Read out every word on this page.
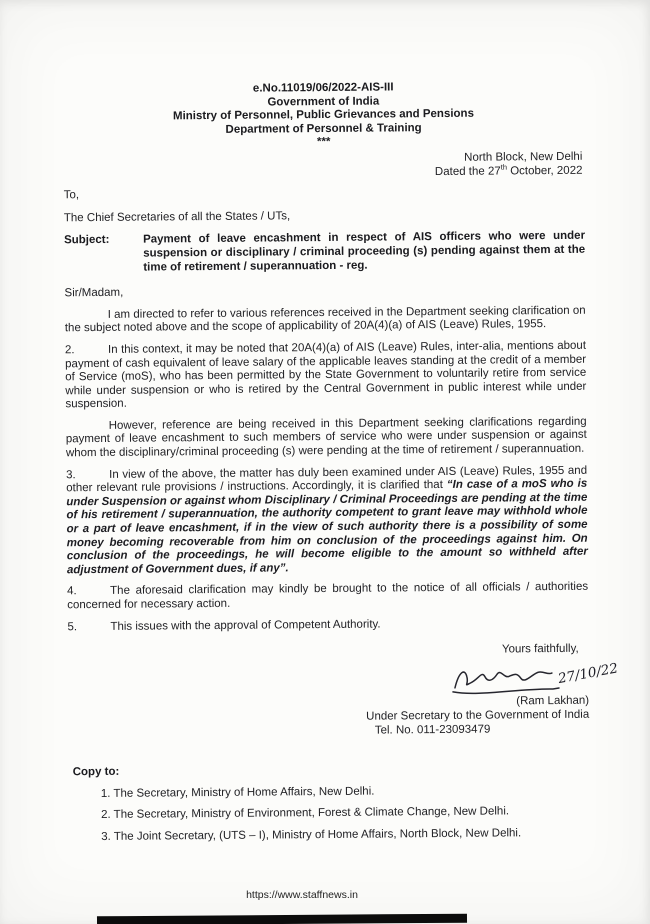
e.No.11019/06/2022-AIS-III
Government of India
Ministry of Personnel, Public Grievances and Pensions
Department of Personnel & Training
***
North Block, New Delhi
Dated the 27th October, 2022
To,
The Chief Secretaries of all the States / UTs,
Subject:	Payment of leave encashment in respect of AIS officers who were under suspension or disciplinary / criminal proceeding (s) pending against them at the time of retirement / superannuation - reg.
Sir/Madam,

I am directed to refer to various references received in the Department seeking clarification on the subject noted above and the scope of applicability of 20A(4)(a) of AIS (Leave) Rules, 1955.

2.	In this context, it may be noted that 20A(4)(a) of AIS (Leave) Rules, inter-alia, mentions about payment of cash equivalent of leave salary of the applicable leaves standing at the credit of a member of Service (moS), who has been permitted by the State Government to voluntarily retire from service while under suspension or who is retired by the Central Government in public interest while under suspension.

However, reference are being received in this Department seeking clarifications regarding payment of leave encashment to such members of service who were under suspension or against whom the disciplinary/criminal proceeding (s) were pending at the time of retirement / superannuation.

3.	In view of the above, the matter has duly been examined under AIS (Leave) Rules, 1955 and other relevant rule provisions / instructions. Accordingly, it is clarified that “In case of a moS who is under Suspension or against whom Disciplinary / Criminal Proceedings are pending at the time of his retirement / superannuation, the authority competent to grant leave may withhold whole or a part of leave encashment, if in the view of such authority there is a possibility of some money becoming recoverable from him on conclusion of the proceedings against him. On conclusion of the proceedings, he will become eligible to the amount so withheld after adjustment of Government dues, if any”.

4.	The aforesaid clarification may kindly be brought to the notice of all officials / authorities concerned for necessary action.

5.	This issues with the approval of Competent Authority.

Yours faithfully,
27/10/22
(Ram Lakhan)
Under Secretary to the Government of India
Tel. No. 011-23093479
Copy to:
1. The Secretary, Ministry of Home Affairs, New Delhi.
2. The Secretary, Ministry of Environment, Forest & Climate Change, New Delhi.
3. The Joint Secretary, (UTS – I), Ministry of Home Affairs, North Block, New Delhi.
https://www.staffnews.in
